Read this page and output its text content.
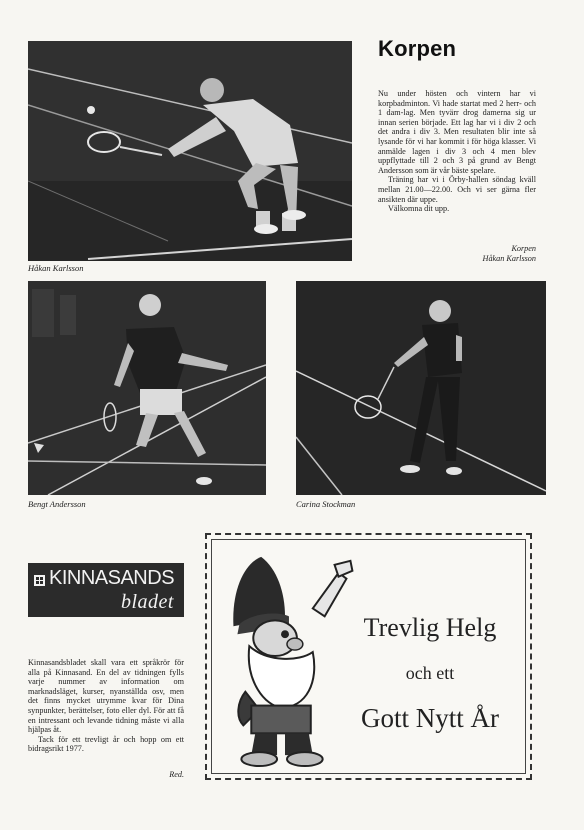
Håkan Karlsson
Korpen

Nu under hösten och vintern har vi korpbadminton. Vi hade startat med 2 herr- och 1 dam-lag. Men tyvärr drog damerna sig ur innan serien började. Ett lag har vi i div 2 och det andra i div 3. Men resultaten blir inte så lysande för vi har kommit i för höga klasser. Vi anmälde lagen i div 3 och 4 men blev uppflyttade till 2 och 3 på grund av Bengt Andersson som är vår bäste spelare.

Träning har vi i Örby-hallen söndag kväll mellan 21.00—22.00. Och vi ser gärna fler ansikten där uppe.

Välkomna dit upp.

Korpen
Håkan Karlsson
Bengt Andersson	Carina Stockman
KINNASANDS
bladet

Kinnasandsbladet skall vara ett språkrör för alla på Kinnasand. En del av tidningen fylls varje nummer av information om marknadsläget, kurser, nyanställda osv, men det finns mycket utrymme kvar för Dina synpunkter, berättelser, foto eller dyl. För att få en intressant och levande tidning måste vi alla hjälpas åt.

Tack för ett trevligt år och hopp om ett bidragsrikt 1977.

Red.
Trevlig Helg
och ett
Gott Nytt År
